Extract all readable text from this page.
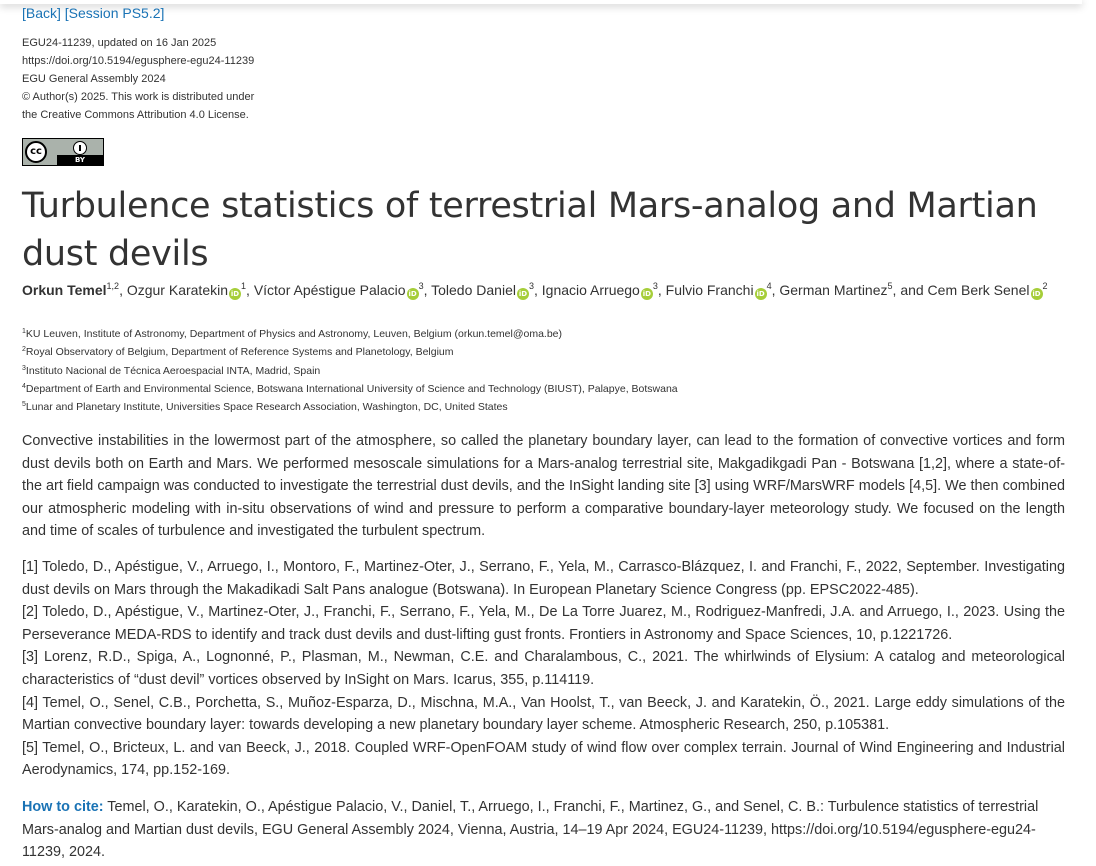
[Back] [Session PS5.2]
EGU24-11239, updated on 16 Jan 2025
https://doi.org/10.5194/egusphere-egu24-11239
EGU General Assembly 2024
© Author(s) 2025. This work is distributed under
the Creative Commons Attribution 4.0 License.
cc
BY
Turbulence statistics of terrestrial Mars-analog and Martian dust devils
Orkun Temel$^{1,2}$, Ozgur Karatekin $iD^1$, Víctor Apéstigue Palacio $iD^3$, Toledo Daniel $iD^3$, Ignacio Arruego $iD^3$, Fulvio Franchi $iD^4$, German Martinez$^5$, and Cem Berk Senel $iD^2$
$^1$KU Leuven, Institute of Astronomy, Department of Physics and Astronomy, Leuven, Belgium (orkun.temel@oma.be)
$^2$Royal Observatory of Belgium, Department of Reference Systems and Planetology, Belgium
$^3$Instituto Nacional de Técnica Aeroespacial INTA, Madrid, Spain
$^4$Department of Earth and Environmental Science, Botswana International University of Science and Technology (BIUST), Palapye, Botswana
$^5$Lunar and Planetary Institute, Universities Space Research Association, Washington, DC, United States
Convective instabilities in the lowermost part of the atmosphere, so called the planetary boundary layer, can lead to the formation of convective vortices and form dust devils both on Earth and Mars. We performed mesoscale simulations for a Mars-analog terrestrial site, Makgadikgadi Pan - Botswana [1,2], where a state-of-the art field campaign was conducted to investigate the terrestrial dust devils, and the InSight landing site [3] using WRF/MarsWRF models [4,5]. We then combined our atmospheric modeling with in-situ observations of wind and pressure to perform a comparative boundary-layer meteorology study. We focused on the length and time of scales of turbulence and investigated the turbulent spectrum.

[1] Toledo, D., Apéstigue, V., Arruego, I., Montoro, F., Martinez-Oter, J., Serrano, F., Yela, M., Carrasco-Blázquez, I. and Franchi, F., 2022, September. Investigating dust devils on Mars through the Makadikadi Salt Pans analogue (Botswana). In European Planetary Science Congress (pp. EPSC2022-485).

[2] Toledo, D., Apéstigue, V., Martinez-Oter, J., Franchi, F., Serrano, F., Yela, M., De La Torre Juarez, M., Rodriguez-Manfredi, J.A. and Arruego, I., 2023. Using the Perseverance MEDA-RDS to identify and track dust devils and dust-lifting gust fronts. Frontiers in Astronomy and Space Sciences, 10, p.1221726.

[3] Lorenz, R.D., Spiga, A., Lognonné, P., Plasman, M., Newman, C.E. and Charalambous, C., 2021. The whirlwinds of Elysium: A catalog and meteorological characteristics of “dust devil” vortices observed by InSight on Mars. Icarus, 355, p.114119.

[4] Temel, O., Senel, C.B., Porchetta, S., Muñoz-Esparza, D., Mischna, M.A., Van Hoolst, T., van Beeck, J. and Karatekin, Ö., 2021. Large eddy simulations of the Martian convective boundary layer: towards developing a new planetary boundary layer scheme. Atmospheric Research, 250, p.105381.

[5] Temel, O., Bricteux, L. and van Beeck, J., 2018. Coupled WRF-OpenFOAM study of wind flow over complex terrain. Journal of Wind Engineering and Industrial Aerodynamics, 174, pp.152-169.

How to cite: Temel, O., Karatekin, O., Apéstigue Palacio, V., Daniel, T., Arruego, I., Franchi, F., Martinez, G., and Senel, C. B.: Turbulence statistics of terrestrial Mars-analog and Martian dust devils, EGU General Assembly 2024, Vienna, Austria, 14–19 Apr 2024, EGU24-11239, https://doi.org/10.5194/egusphere-egu24-11239, 2024.
